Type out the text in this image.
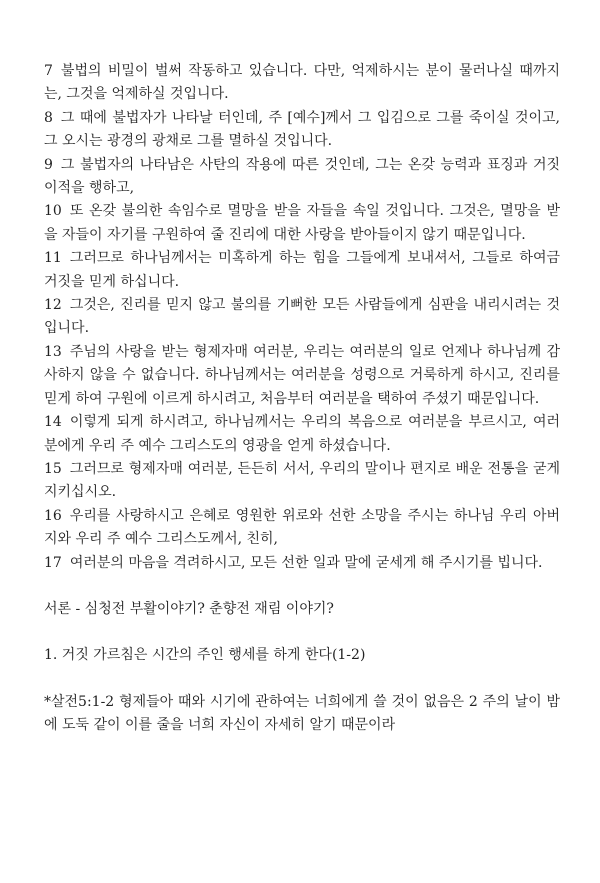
7 불법의 비밀이 벌써 작동하고 있습니다. 다만, 억제하시는 분이 물러나실 때까지는, 그것을 억제하실 것입니다.

8 그 때에 불법자가 나타날 터인데, 주 [예수]께서 그 입김으로 그를 죽이실 것이고, 그 오시는 광경의 광채로 그를 멸하실 것입니다.

9 그 불법자의 나타남은 사탄의 작용에 따른 것인데, 그는 온갖 능력과 표징과 거짓 이적을 행하고,

10 또 온갖 불의한 속임수로 멸망을 받을 자들을 속일 것입니다. 그것은, 멸망을 받을 자들이 자기를 구원하여 줄 진리에 대한 사랑을 받아들이지 않기 때문입니다.

11 그러므로 하나님께서는 미혹하게 하는 힘을 그들에게 보내셔서, 그들로 하여금 거짓을 믿게 하십니다.

12 그것은, 진리를 믿지 않고 불의를 기뻐한 모든 사람들에게 심판을 내리시려는 것입니다.

13 주님의 사랑을 받는 형제자매 여러분, 우리는 여러분의 일로 언제나 하나님께 감사하지 않을 수 없습니다. 하나님께서는 여러분을 성령으로 거룩하게 하시고, 진리를 믿게 하여 구원에 이르게 하시려고, 처음부터 여러분을 택하여 주셨기 때문입니다.

14 이렇게 되게 하시려고, 하나님께서는 우리의 복음으로 여러분을 부르시고, 여러분에게 우리 주 예수 그리스도의 영광을 얻게 하셨습니다.

15 그러므로 형제자매 여러분, 든든히 서서, 우리의 말이나 편지로 배운 전통을 굳게 지키십시오.

16 우리를 사랑하시고 은혜로 영원한 위로와 선한 소망을 주시는 하나님 우리 아버지와 우리 주 예수 그리스도께서, 친히,

17 여러분의 마음을 격려하시고, 모든 선한 일과 말에 굳세게 해 주시기를 빕니다.

서론 - 심청전 부활이야기? 춘향전 재림 이야기?

1. 거짓 가르침은 시간의 주인 행세를 하게 한다(1-2)

*살전5:1-2 형제들아 때와 시기에 관하여는 너희에게 쓸 것이 없음은 2 주의 날이 밤에 도둑 같이 이를 줄을 너희 자신이 자세히 알기 때문이라
